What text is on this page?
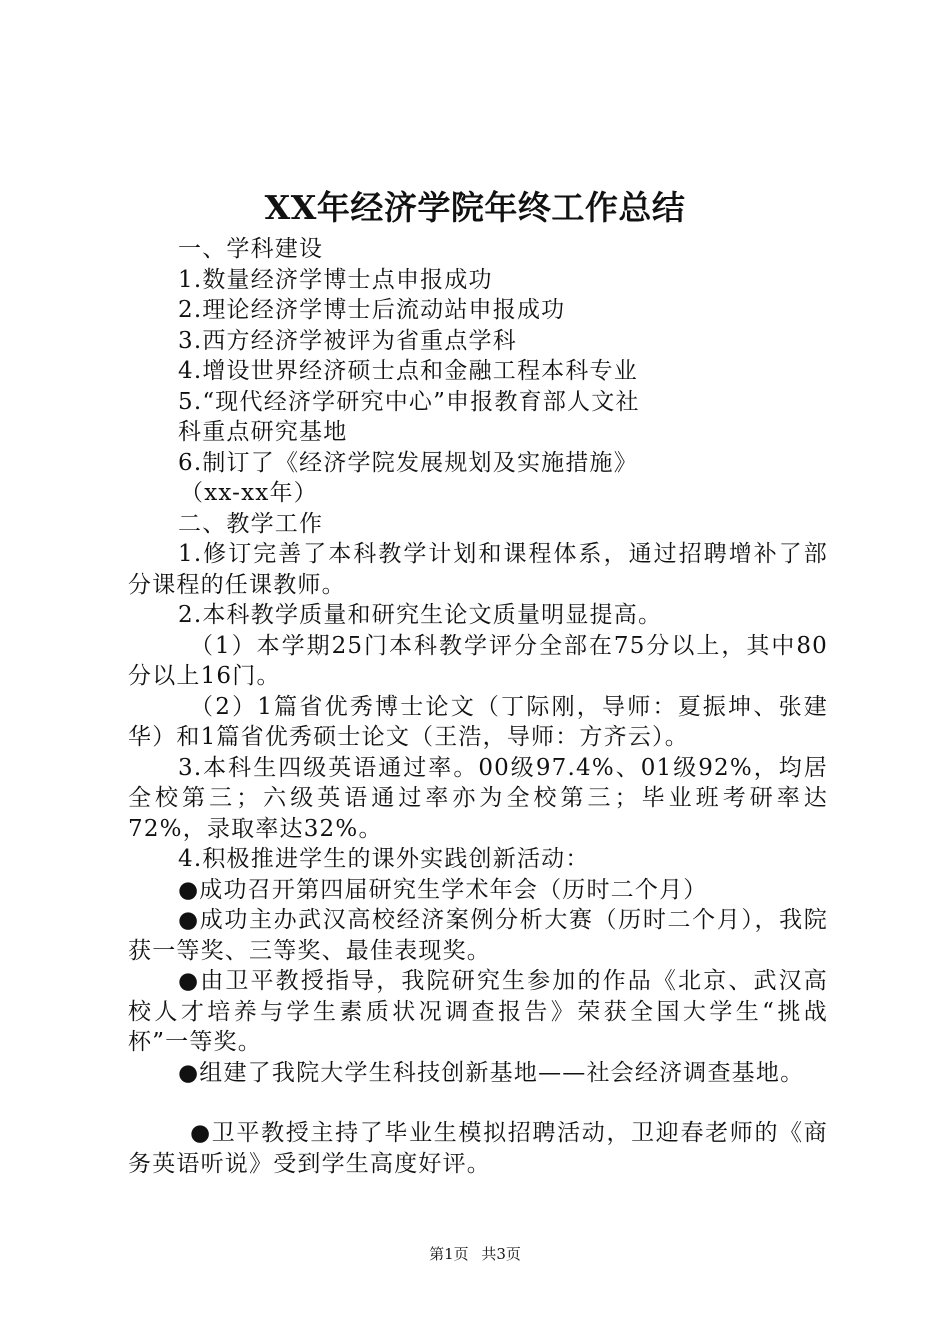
XX年经济学院年终工作总结

一、学科建设

1.数量经济学博士点申报成功

2.理论经济学博士后流动站申报成功

3.西方经济学被评为省重点学科

4.增设世界经济硕士点和金融工程本科专业

5.“现代经济学研究中心”申报教育部人文社

科重点研究基地

6.制订了《经济学院发展规划及实施措施》

（xx-xx年）

二、教学工作

1.修订完善了本科教学计划和课程体系，通过招聘增补了部分课程的任课教师。

2.本科教学质量和研究生论文质量明显提高。

（1）本学期25门本科教学评分全部在75分以上，其中80分以上16门。

（2）1篇省优秀博士论文（丁际刚，导师：夏振坤、张建华）和1篇省优秀硕士论文（王浩，导师：方齐云）。

3.本科生四级英语通过率。00级97.4%、01级92%，均居全校第三；六级英语通过率亦为全校第三；毕业班考研率达72%，录取率达32%。

4.积极推进学生的课外实践创新活动：

●成功召开第四届研究生学术年会（历时二个月）

●成功主办武汉高校经济案例分析大赛（历时二个月），我院获一等奖、三等奖、最佳表现奖。

●由卫平教授指导，我院研究生参加的作品《北京、武汉高校人才培养与学生素质状况调查报告》荣获全国大学生“挑战杯”一等奖。

●组建了我院大学生科技创新基地——社会经济调查基地。

●卫平教授主持了毕业生模拟招聘活动，卫迎春老师的《商务英语听说》受到学生高度好评。

第1页 共3页
